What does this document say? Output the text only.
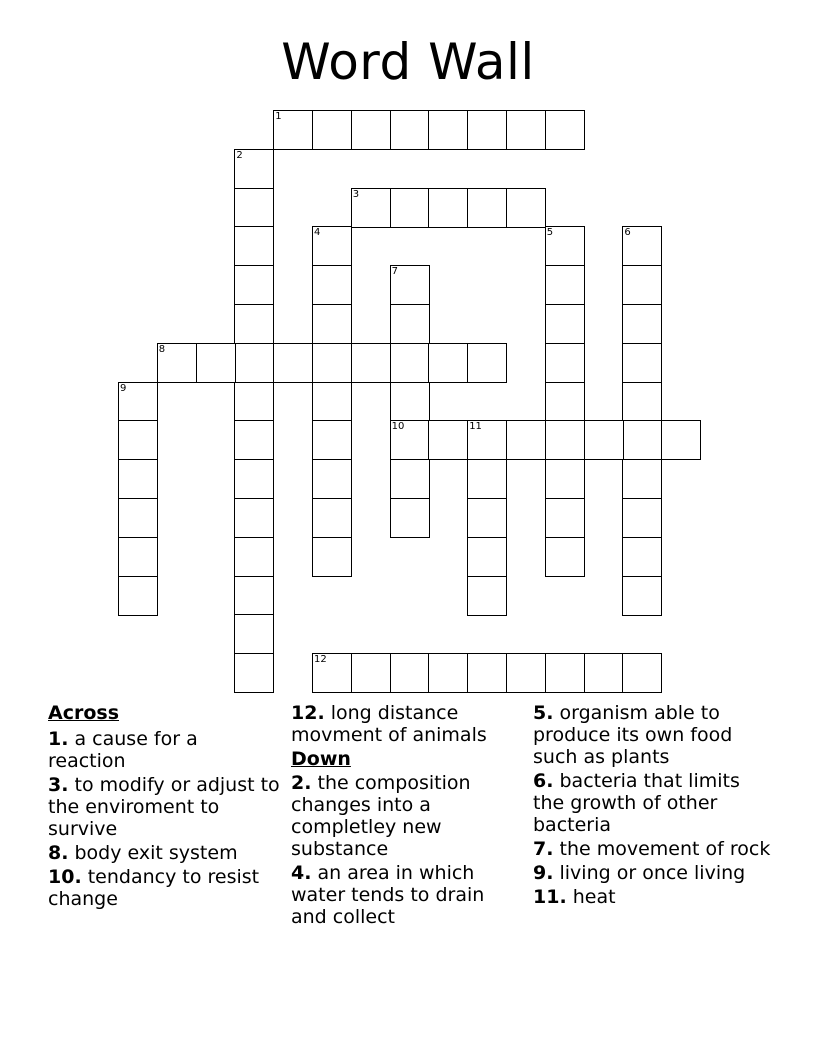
Word Wall
1
2
3
4	5	6
7
10
8
9
11
12
Across
1. a cause for a reaction
3. to modify or adjust to the enviroment to survive
8. body exit system
10. tendancy to resist change
12. long distance movment of animals
Down
2. the composition changes into a completley new substance
4. an area in which water tends to drain and collect
5. organism able to produce its own food such as plants
6. bacteria that limits the growth of other bacteria
7. the movement of rock
9. living or once living
11. heat
